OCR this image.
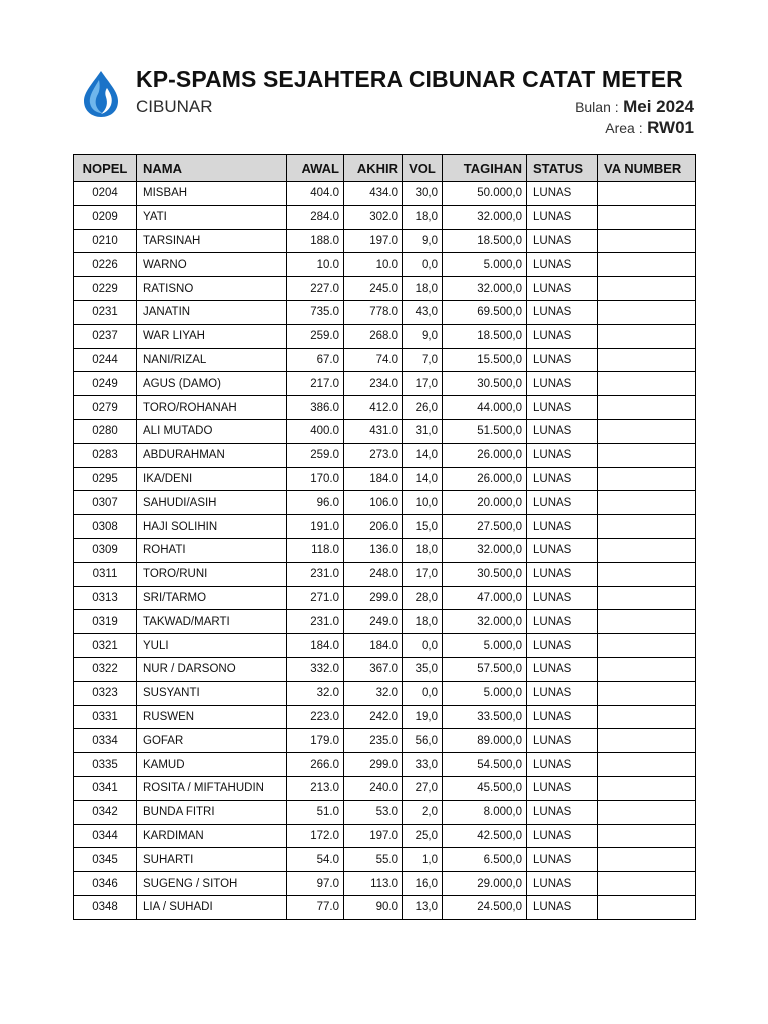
KP-SPAMS SEJAHTERA CIBUNAR CATAT METER
CIBUNAR	Bulan : Mei 2024
Area : RW01
NOPEL	NAMA	AWAL	AKHIR	VOL	TAGIHAN	STATUS	VA NUMBER
0204	MISBAH	404.0	434.0	30,0	50.000,0	LUNAS	
0209	YATI	284.0	302.0	18,0	32.000,0	LUNAS	
0210	TARSINAH	188.0	197.0	9,0	18.500,0	LUNAS	
0226	WARNO	10.0	10.0	0,0	5.000,0	LUNAS	
0229	RATISNO	227.0	245.0	18,0	32.000,0	LUNAS	
0231	JANATIN	735.0	778.0	43,0	69.500,0	LUNAS	
0237	WAR LIYAH	259.0	268.0	9,0	18.500,0	LUNAS	
0244	NANI/RIZAL	67.0	74.0	7,0	15.500,0	LUNAS	
0249	AGUS (DAMO)	217.0	234.0	17,0	30.500,0	LUNAS	
0279	TORO/ROHANAH	386.0	412.0	26,0	44.000,0	LUNAS	
0280	ALI MUTADO	400.0	431.0	31,0	51.500,0	LUNAS	
0283	ABDURAHMAN	259.0	273.0	14,0	26.000,0	LUNAS	
0295	IKA/DENI	170.0	184.0	14,0	26.000,0	LUNAS	
0307	SAHUDI/ASIH	96.0	106.0	10,0	20.000,0	LUNAS	
0308	HAJI SOLIHIN	191.0	206.0	15,0	27.500,0	LUNAS	
0309	ROHATI	118.0	136.0	18,0	32.000,0	LUNAS	
0311	TORO/RUNI	231.0	248.0	17,0	30.500,0	LUNAS	
0313	SRI/TARMO	271.0	299.0	28,0	47.000,0	LUNAS	
0319	TAKWAD/MARTI	231.0	249.0	18,0	32.000,0	LUNAS	
0321	YULI	184.0	184.0	0,0	5.000,0	LUNAS	
0322	NUR / DARSONO	332.0	367.0	35,0	57.500,0	LUNAS	
0323	SUSYANTI	32.0	32.0	0,0	5.000,0	LUNAS	
0331	RUSWEN	223.0	242.0	19,0	33.500,0	LUNAS	
0334	GOFAR	179.0	235.0	56,0	89.000,0	LUNAS	
0335	KAMUD	266.0	299.0	33,0	54.500,0	LUNAS	
0341	ROSITA / MIFTAHUDIN	213.0	240.0	27,0	45.500,0	LUNAS	
0342	BUNDA FITRI	51.0	53.0	2,0	8.000,0	LUNAS	
0344	KARDIMAN	172.0	197.0	25,0	42.500,0	LUNAS	
0345	SUHARTI	54.0	55.0	1,0	6.500,0	LUNAS	
0346	SUGENG / SITOH	97.0	113.0	16,0	29.000,0	LUNAS	
0348	LIA / SUHADI	77.0	90.0	13,0	24.500,0	LUNAS	
